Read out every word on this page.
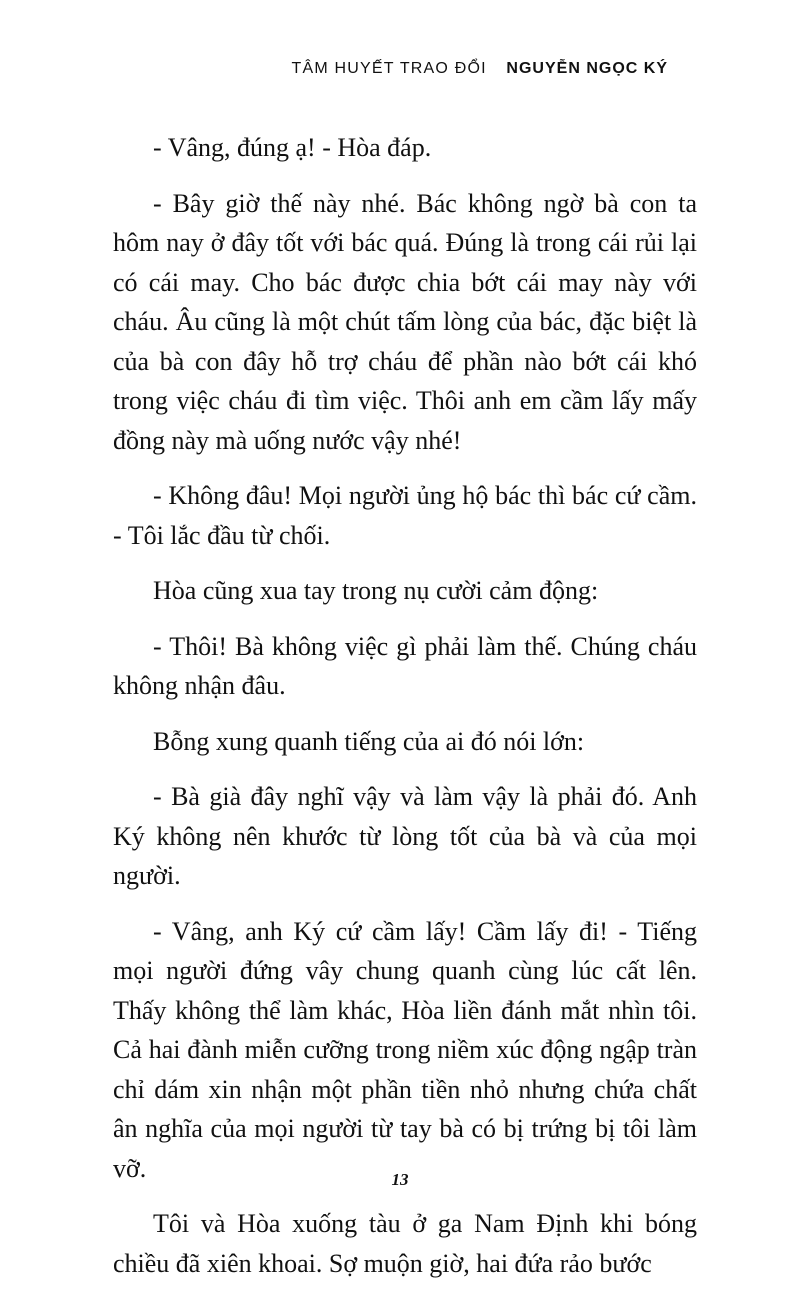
TÂM HUYẾT TRAO ĐỔI NGUYỄN NGỌC KÝ

- Vâng, đúng ạ! - Hòa đáp.

- Bây giờ thế này nhé. Bác không ngờ bà con ta hôm nay ở đây tốt với bác quá. Đúng là trong cái rủi lại có cái may. Cho bác được chia bớt cái may này với cháu. Âu cũng là một chút tấm lòng của bác, đặc biệt là của bà con đây hỗ trợ cháu để phần nào bớt cái khó trong việc cháu đi tìm việc. Thôi anh em cầm lấy mấy đồng này mà uống nước vậy nhé!

- Không đâu! Mọi người ủng hộ bác thì bác cứ cầm. - Tôi lắc đầu từ chối.

Hòa cũng xua tay trong nụ cười cảm động:

- Thôi! Bà không việc gì phải làm thế. Chúng cháu không nhận đâu.

Bỗng xung quanh tiếng của ai đó nói lớn:

- Bà già đây nghĩ vậy và làm vậy là phải đó. Anh Ký không nên khước từ lòng tốt của bà và của mọi người.

- Vâng, anh Ký cứ cầm lấy! Cầm lấy đi! - Tiếng mọi người đứng vây chung quanh cùng lúc cất lên. Thấy không thể làm khác, Hòa liền đánh mắt nhìn tôi. Cả hai đành miễn cưỡng trong niềm xúc động ngập tràn chỉ dám xin nhận một phần tiền nhỏ nhưng chứa chất ân nghĩa của mọi người từ tay bà có bị trứng bị tôi làm vỡ.

Tôi và Hòa xuống tàu ở ga Nam Định khi bóng chiều đã xiên khoai. Sợ muộn giờ, hai đứa rảo bước

13
